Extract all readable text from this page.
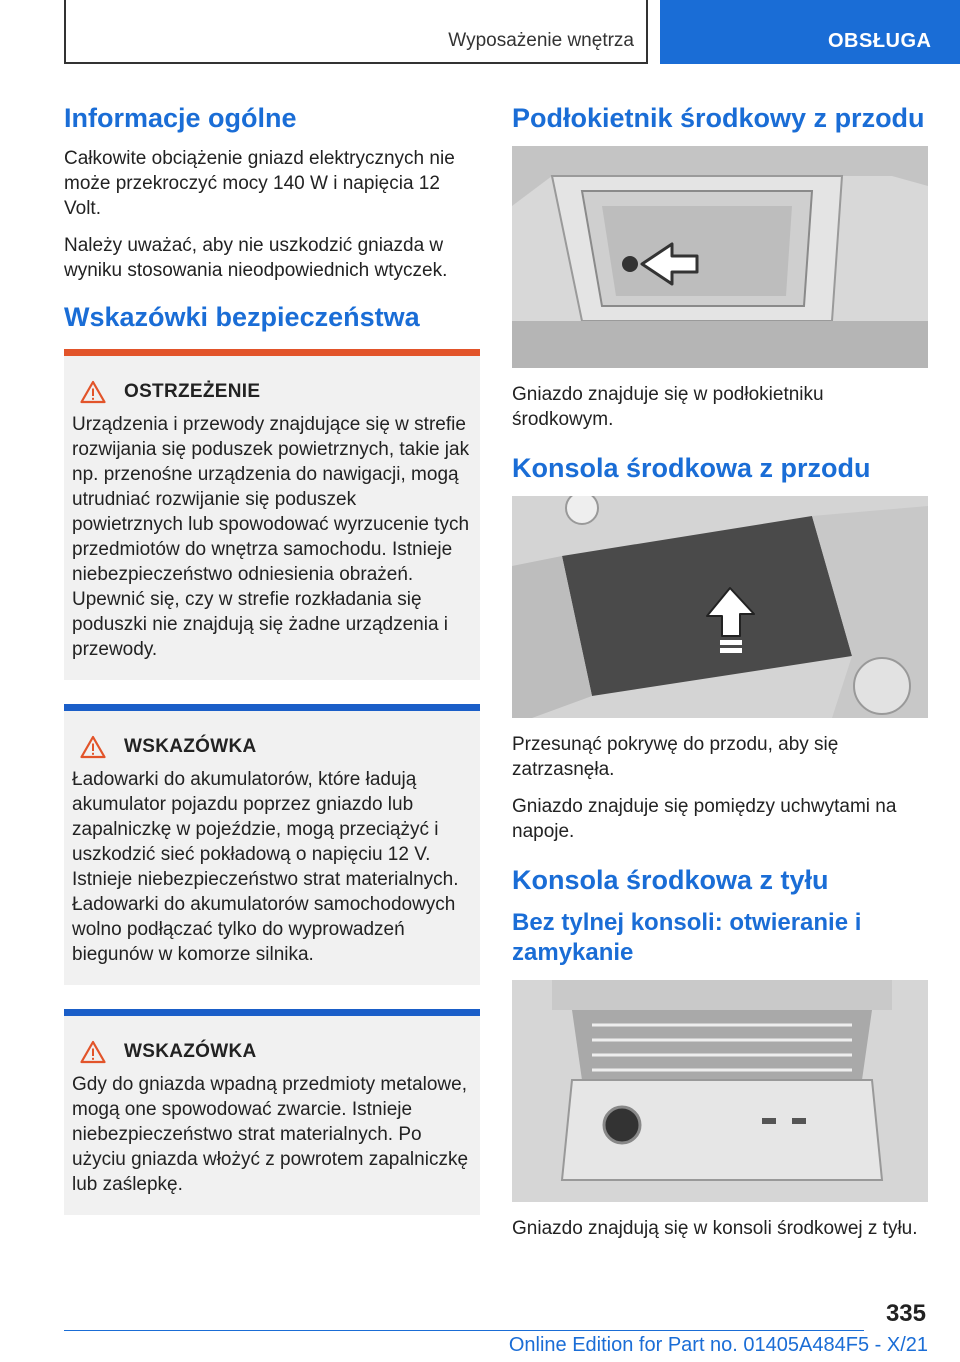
Wyposażenie wnętrza	OBSŁUGA
Informacje ogólne

Całkowite obciążenie gniazd elektrycznych nie może przekroczyć mocy 140 W i napięcia 12 Volt.

Należy uważać, aby nie uszkodzić gniazda w wyniku stosowania nieodpowiednich wtyczek.

Wskazówki bezpieczeństwa
OSTRZEŻENIE

Urządzenia i przewody znajdujące się w strefie rozwijania się poduszek powietrznych, takie jak np. przenośne urządzenia do nawigacji, mogą utrudniać rozwijanie się poduszek powietrznych lub spowodować wyrzucenie tych przedmiotów do wnętrza samochodu. Istnieje niebezpieczeństwo odniesienia obrażeń. Upewnić się, czy w strefie rozkładania się poduszki nie znajdują się żadne urządzenia i przewody.

WSKAZÓWKA

Ładowarki do akumulatorów, które ładują akumulator pojazdu poprzez gniazdo lub zapalniczkę w pojeździe, mogą przeciążyć i uszkodzić sieć pokładową o napięciu 12 V. Istnieje niebezpieczeństwo strat materialnych. Ładowarki do akumulatorów samochodowych wolno podłączać tylko do wyprowadzeń biegunów w komorze silnika.

WSKAZÓWKA

Gdy do gniazda wpadną przedmioty metalowe, mogą one spowodować zwarcie. Istnieje niebezpieczeństwo strat materialnych. Po użyciu gniazda włożyć z powrotem zapalniczkę lub zaślepkę.

Podłokietnik środkowy z przodu

Gniazdo znajduje się w podłokietniku środkowym.

Konsola środkowa z przodu

Przesunąć pokrywę do przodu, aby się zatrzasnęła.

Gniazdo znajduje się pomiędzy uchwytami na napoje.

Konsola środkowa z tyłu
Bez tylnej konsoli: otwieranie i zamykanie

Gniazdo znajdują się w konsoli środkowej z tyłu.

335
Online Edition for Part no. 01405A484F5 - X/21
